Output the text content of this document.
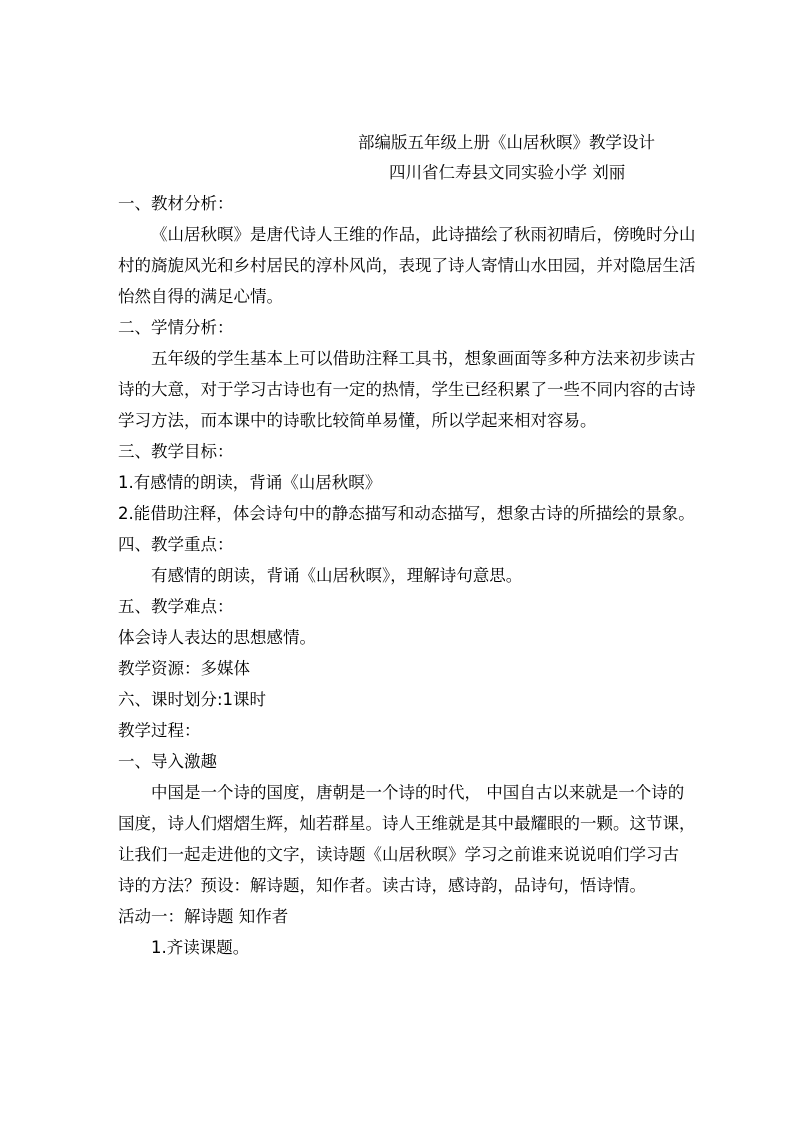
部编版五年级上册《山居秋暝》教学设计
四川省仁寿县文同实验小学 刘丽
一、教材分析：
《山居秋暝》是唐代诗人王维的作品，此诗描绘了秋雨初晴后，傍晚时分山
村的旖旎风光和乡村居民的淳朴风尚，表现了诗人寄情山水田园，并对隐居生活
怡然自得的满足心情。
二、学情分析：
五年级的学生基本上可以借助注释工具书，想象画面等多种方法来初步读古
诗的大意，对于学习古诗也有一定的热情，学生已经积累了一些不同内容的古诗
学习方法，而本课中的诗歌比较简单易懂，所以学起来相对容易。
三、教学目标：
1.有感情的朗读，背诵《山居秋暝》
2.能借助注释，体会诗句中的静态描写和动态描写，想象古诗的所描绘的景象。
四、教学重点：
有感情的朗读，背诵《山居秋暝》，理解诗句意思。
五、教学难点：
体会诗人表达的思想感情。
教学资源：多媒体
六、课时划分:1课时
教学过程：
一、导入激趣
中国是一个诗的国度，唐朝是一个诗的时代， 中国自古以来就是一个诗的
国度，诗人们熠熠生辉，灿若群星。诗人王维就是其中最耀眼的一颗。这节课，
让我们一起走进他的文字，读诗题《山居秋暝》学习之前谁来说说咱们学习古
诗的方法？预设：解诗题，知作者。读古诗，感诗韵，品诗句，悟诗情。
活动一：解诗题 知作者
1.齐读课题。
